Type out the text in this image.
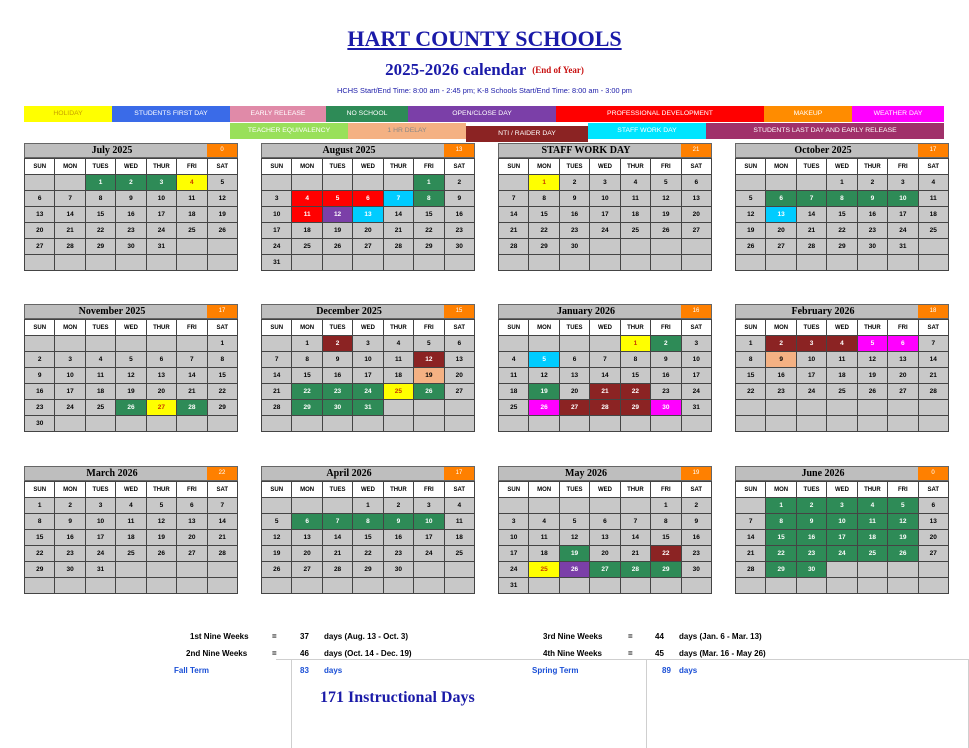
HART COUNTY SCHOOLS
2025-2026 calendar (End of Year)
HCHS Start/End Time: 8:00 am - 2:45 pm; K-8 Schools Start/End Time: 8:00 am - 3:00 pm
HOLIDAY	STUDENTS FIRST DAY	EARLY RELEASE	NO SCHOOL	OPEN/CLOSE DAY	PROFESSIONAL DEVELOPMENT	MAKEUP	WEATHER DAY
TEACHER EQUIVALENCY	1 HR DELAY	NTI / RAIDER DAY	STAFF WORK DAY	STUDENTS LAST DAY AND EARLY RELEASE
July 2025	0
SUN	MON	TUES	WED	THUR	FRI	SAT
		1	2	3	4	5
6	7	8	9	10	11	12
13	14	15	16	17	18	19
20	21	22	23	24	25	26
27	28	29	30	31		

August 2025	13
SUN	MON	TUES	WED	THUR	FRI	SAT
					1	2
3	4	5	6	7	8	9
10	11	12	13	14	15	16
17	18	19	20	21	22	23
24	25	26	27	28	29	30
31						
STAFF WORK DAY	21
SUN	MON	TUES	WED	THUR	FRI	SAT
	1	2	3	4	5	6
7	8	9	10	11	12	13
14	15	16	17	18	19	20
21	22	23	24	25	26	27
28	29	30				

October 2025	17
SUN	MON	TUES	WED	THUR	FRI	SAT
			1	2	3	4
5	6	7	8	9	10	11
12	13	14	15	16	17	18
19	20	21	22	23	24	25
26	27	28	29	30	31	

November 2025	17
SUN	MON	TUES	WED	THUR	FRI	SAT
						1
2	3	4	5	6	7	8
9	10	11	12	13	14	15
16	17	18	19	20	21	22
23	24	25	26	27	28	29
30						
December 2025	15
SUN	MON	TUES	WED	THUR	FRI	SAT
	1	2	3	4	5	6
7	8	9	10	11	12	13
14	15	16	17	18	19	20
21	22	23	24	25	26	27
28	29	30	31			

January 2026	16
SUN	MON	TUES	WED	THUR	FRI	SAT
				1	2	3
4	5	6	7	8	9	10
11	12	13	14	15	16	17
18	19	20	21	22	23	24
25	26	27	28	29	30	31

February 2026	18
SUN	MON	TUES	WED	THUR	FRI	SAT
1	2	3	4	5	6	7
8	9	10	11	12	13	14
15	16	17	18	19	20	21
22	23	24	25	26	27	28

March 2026	22
SUN	MON	TUES	WED	THUR	FRI	SAT
1	2	3	4	5	6	7
8	9	10	11	12	13	14
15	16	17	18	19	20	21
22	23	24	25	26	27	28
29	30	31				

April 2026	17
SUN	MON	TUES	WED	THUR	FRI	SAT
			1	2	3	4
5	6	7	8	9	10	11
12	13	14	15	16	17	18
19	20	21	22	23	24	25
26	27	28	29	30		

May 2026	19
SUN	MON	TUES	WED	THUR	FRI	SAT
					1	2
3	4	5	6	7	8	9
10	11	12	13	14	15	16
17	18	19	20	21	22	23
24	25	26	27	28	29	30
31						
June 2026	0
SUN	MON	TUES	WED	THUR	FRI	SAT
	1	2	3	4	5	6
7	8	9	10	11	12	13
14	15	16	17	18	19	20
21	22	23	24	25	26	27
28	29	30				

1st Nine Weeks	=	37 days (Aug. 13 - Oct. 3)
2nd Nine Weeks	=	46 days (Oct. 14 - Dec. 19)
3rd Nine Weeks	=	44 days (Jan. 6 - Mar. 13)
4th Nine Weeks	=	45 days (Mar. 16 - May 26)
Fall Term	83 days	Spring Term	89 days
171 Instructional Days
